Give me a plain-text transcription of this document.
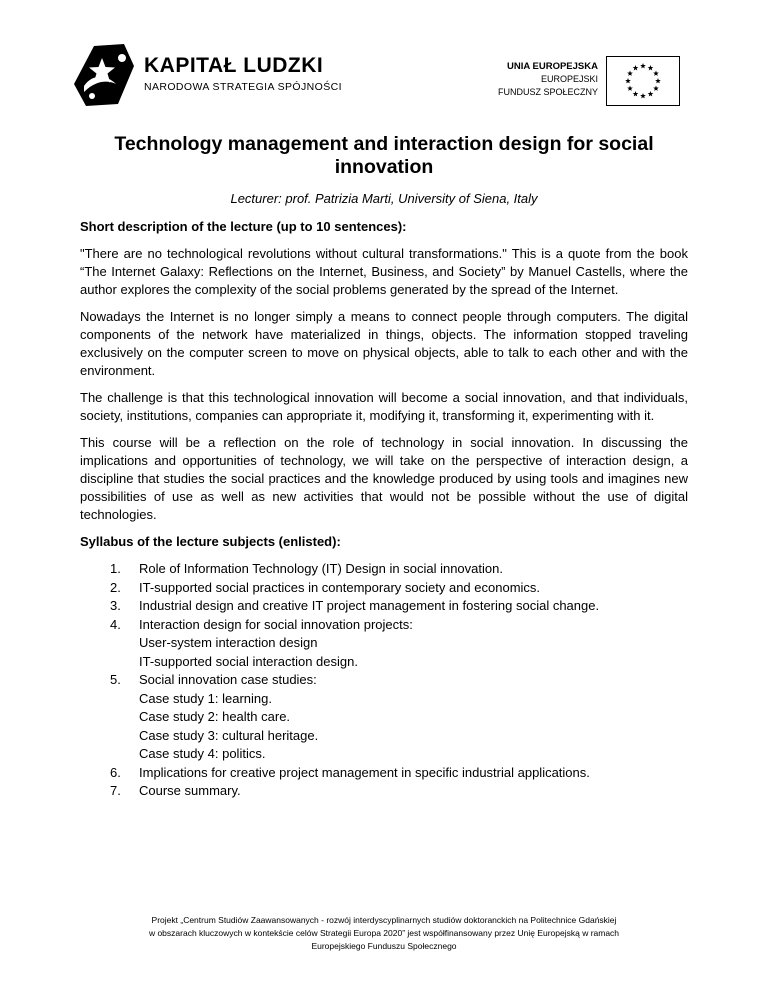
KAPITAŁ LUDZKI
NARODOWA STRATEGIA SPÓJNOŚCI
UNIA EUROPEJSKA
EUROPEJSKI
FUNDUSZ SPOŁECZNY
Technology management and interaction design for social innovation

Lecturer: prof. Patrizia Marti, University of Siena, Italy

Short description of the lecture (up to 10 sentences):

"There are no technological revolutions without cultural transformations." This is a quote from the book “The Internet Galaxy: Reflections on the Internet, Business, and Society” by Manuel Castells, where the author explores the complexity of the social problems generated by the spread of the Internet.

Nowadays the Internet is no longer simply a means to connect people through computers. The digital components of the network have materialized in things, objects. The information stopped traveling exclusively on the computer screen to move on physical objects, able to talk to each other and with the environment.

The challenge is that this technological innovation will become a social innovation, and that individuals, society, institutions, companies can appropriate it, modifying it, transforming it, experimenting with it.

This course will be a reflection on the role of technology in social innovation. In discussing the implications and opportunities of technology, we will take on the perspective of interaction design, a discipline that studies the social practices and the knowledge produced by using tools and imagines new possibilities of use as well as new activities that would not be possible without the use of digital technologies.

Syllabus of the lecture subjects (enlisted):

1. Role of Information Technology (IT) Design in social innovation.
2. IT-supported social practices in contemporary society and economics.
3. Industrial design and creative IT project management in fostering social change.
4. Interaction design for social innovation projects:
User-system interaction design
IT-supported social interaction design.
5. Social innovation case studies:
Case study 1: learning.
Case study 2: health care.
Case study 3: cultural heritage.
Case study 4: politics.
6. Implications for creative project management in specific industrial applications.
7. Course summary.
Projekt „Centrum Studiów Zaawansowanych - rozwój interdyscyplinarnych studiów doktoranckich na Politechnice Gdańskiej
w obszarach kluczowych w kontekście celów Strategii Europa 2020” jest współfinansowany przez Unię Europejską w ramach
Europejskiego Funduszu Społecznego
